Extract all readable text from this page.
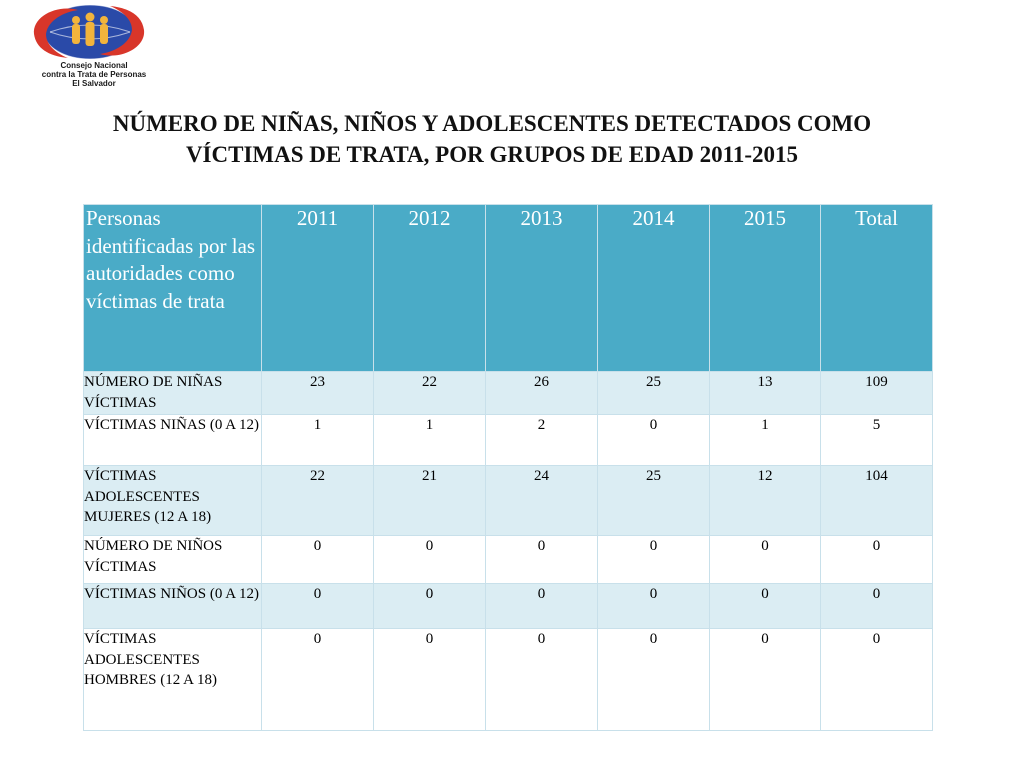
Consejo Nacional
contra la Trata de Personas
El Salvador
NÚMERO DE NIÑAS, NIÑOS Y ADOLESCENTES DETECTADOS COMO
VÍCTIMAS DE TRATA, POR GRUPOS DE EDAD 2011-2015
Personas identificadas por las autoridades como víctimas de trata	2011	2012	2013	2014	2015	Total
NÚMERO DE NIÑAS VÍCTIMAS	23	22	26	25	13	109
VÍCTIMAS NIÑAS (0 A 12)	1	1	2	0	1	5
VÍCTIMAS ADOLESCENTES MUJERES (12 A 18)	22	21	24	25	12	104
NÚMERO DE NIÑOS VÍCTIMAS	0	0	0	0	0	0
VÍCTIMAS NIÑOS (0 A 12)	0	0	0	0	0	0
VÍCTIMAS ADOLESCENTES HOMBRES (12 A 18)	0	0	0	0	0	0
